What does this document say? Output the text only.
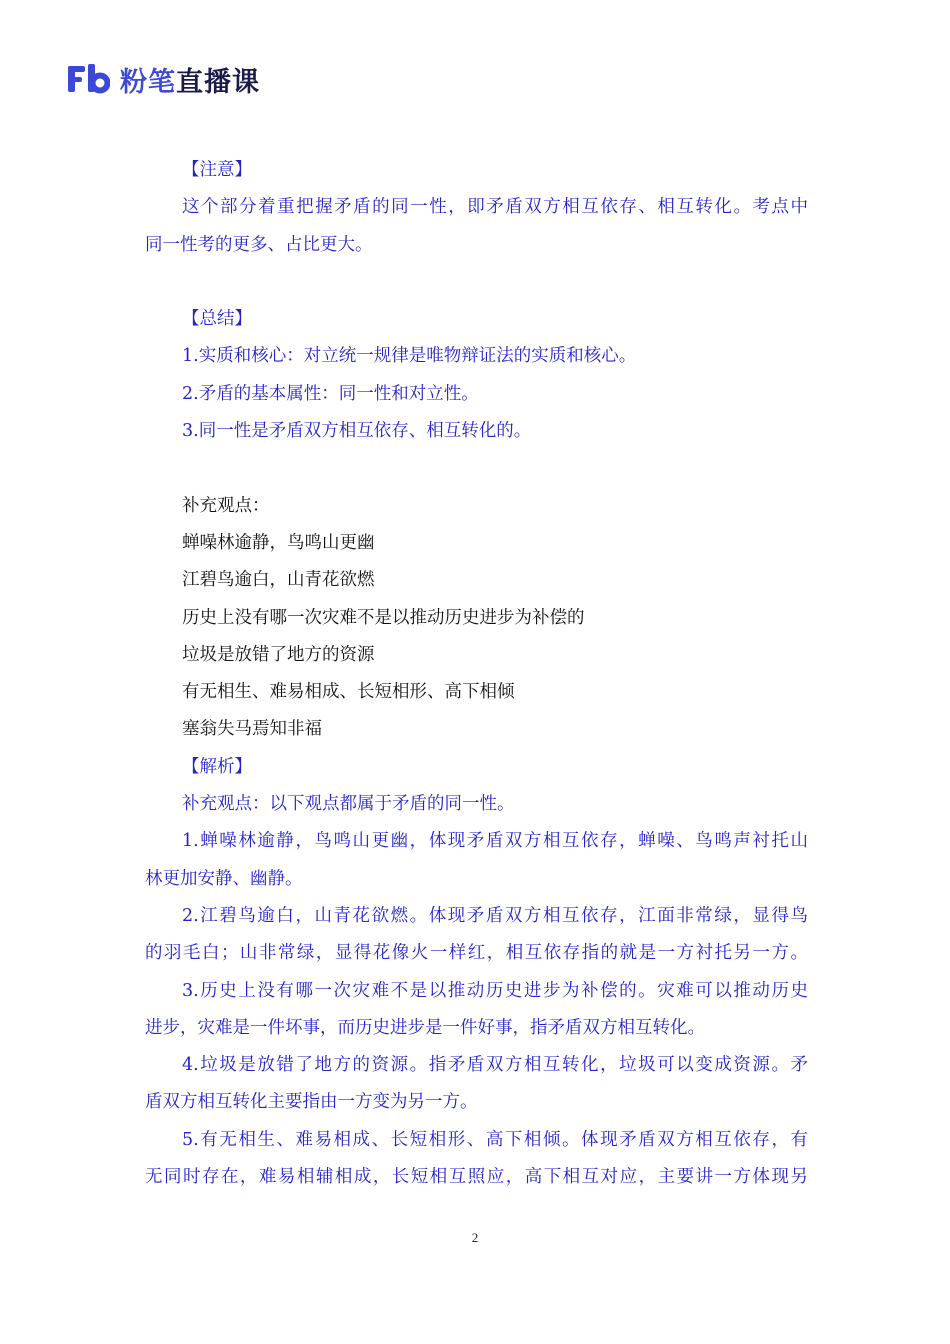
粉笔 直播课
【注意】
这个部分着重把握矛盾的同一性，即矛盾双方相互依存、相互转化。考点中
同一性考的更多、占比更大。
【总结】
1.实质和核心：对立统一规律是唯物辩证法的实质和核心。
2.矛盾的基本属性：同一性和对立性。
3.同一性是矛盾双方相互依存、相互转化的。
补充观点：
蝉噪林逾静，鸟鸣山更幽
江碧鸟逾白，山青花欲燃
历史上没有哪一次灾难不是以推动历史进步为补偿的
垃圾是放错了地方的资源
有无相生、难易相成、长短相形、高下相倾
塞翁失马焉知非福
【解析】
补充观点：以下观点都属于矛盾的同一性。
1.蝉噪林逾静，鸟鸣山更幽，体现矛盾双方相互依存，蝉噪、鸟鸣声衬托山
林更加安静、幽静。
2.江碧鸟逾白，山青花欲燃。体现矛盾双方相互依存，江面非常绿，显得鸟
的羽毛白；山非常绿，显得花像火一样红，相互依存指的就是一方衬托另一方。
3.历史上没有哪一次灾难不是以推动历史进步为补偿的。灾难可以推动历史
进步，灾难是一件坏事，而历史进步是一件好事，指矛盾双方相互转化。
4.垃圾是放错了地方的资源。指矛盾双方相互转化，垃圾可以变成资源。矛
盾双方相互转化主要指由一方变为另一方。
5.有无相生、难易相成、长短相形、高下相倾。体现矛盾双方相互依存，有
无同时存在，难易相辅相成，长短相互照应，高下相互对应，主要讲一方体现另
2
